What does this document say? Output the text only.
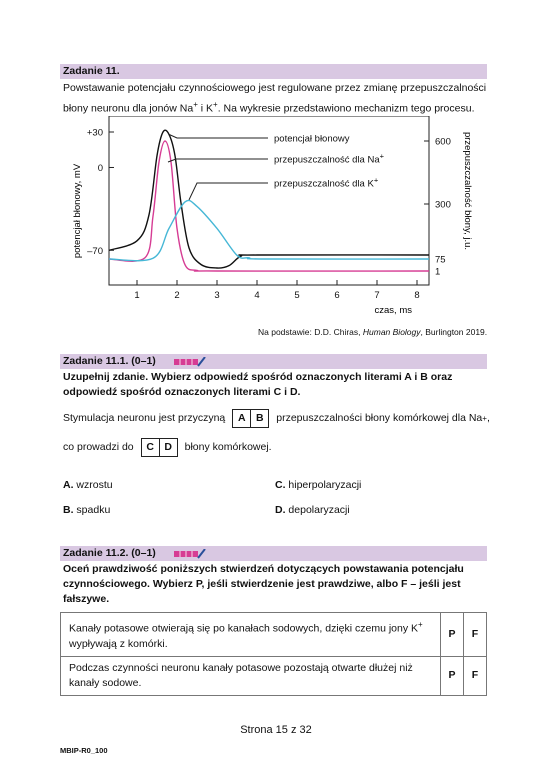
Zadanie 11.
Powstawanie potencjału czynnościowego jest regulowane przez zmianę przepuszczalności
błony neuronu dla jonów Na+ i K+. Na wykresie przedstawiono mechanizm tego procesu.
+30
0
–70
600
300
75
1
1	2	3	4	5	6	7	8
potencjał błonowy
przepuszczalność dla Na+
przepuszczalność dla K+
potencjał błonowy, mV	przepuszczalność błony, j.u.
czas, ms
Na podstawie: D.D. Chiras, Human Biology, Burlington 2019.
Zadanie 11.1. (0–1)
Uzupełnij zdanie. Wybierz odpowiedź spośród oznaczonych literami A i B oraz
odpowiedź spośród oznaczonych literami C i D.
Stymulacja neuronu jest przyczyną	A B	przepuszczalności błony komórkowej dla Na + ,
co prowadzi do	C D	błony komórkowej.
A. wzrostu
B. spadku
C. hiperpolaryzacji
D. depolaryzacji
Zadanie 11.2. (0–1)
Oceń prawdziwość poniższych stwierdzeń dotyczących powstawania potencjału
czynnościowego. Wybierz P, jeśli stwierdzenie jest prawdziwe, albo F – jeśli jest
fałszywe.
Kanały potasowe otwierają się po kanałach sodowych, dzięki czemu jony K+
wypływają z komórki.	P	F
Podczas czynności neuronu kanały potasowe pozostają otwarte dłużej niż
kanały sodowe.	P	F
Strona 15 z 32
MBIP-R0_100
